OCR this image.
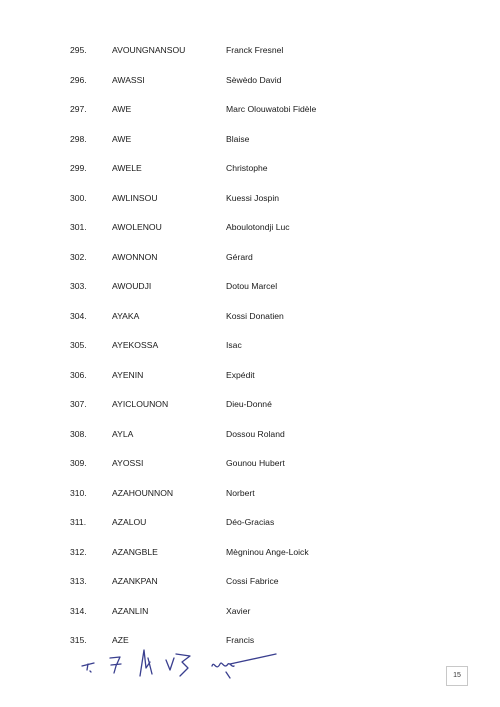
295.	AVOUNGNANSOU	Franck Fresnel
296.	AWASSI	Sèwèdo David
297.	AWE	Marc Olouwatobi Fidèle
298.	AWE	Blaise
299.	AWELE	Christophe
300.	AWLINSOU	Kuessi Jospin
301.	AWOLENOU	Aboulotondji Luc
302.	AWONNON	Gérard
303.	AWOUDJI	Dotou Marcel
304.	AYAKA	Kossi Donatien
305.	AYEKOSSA	Isac
306.	AYENIN	Expédit
307.	AYICLOUNON	Dieu-Donné
308.	AYLA	Dossou Roland
309.	AYOSSI	Gounou Hubert
310.	AZAHOUNNON	Norbert
311.	AZALOU	Déo-Gracias
312.	AZANGBLE	Mègninou Ange-Loick
313.	AZANKPAN	Cossi Fabrice
314.	AZANLIN	Xavier
315.	AZE	Francis
15
